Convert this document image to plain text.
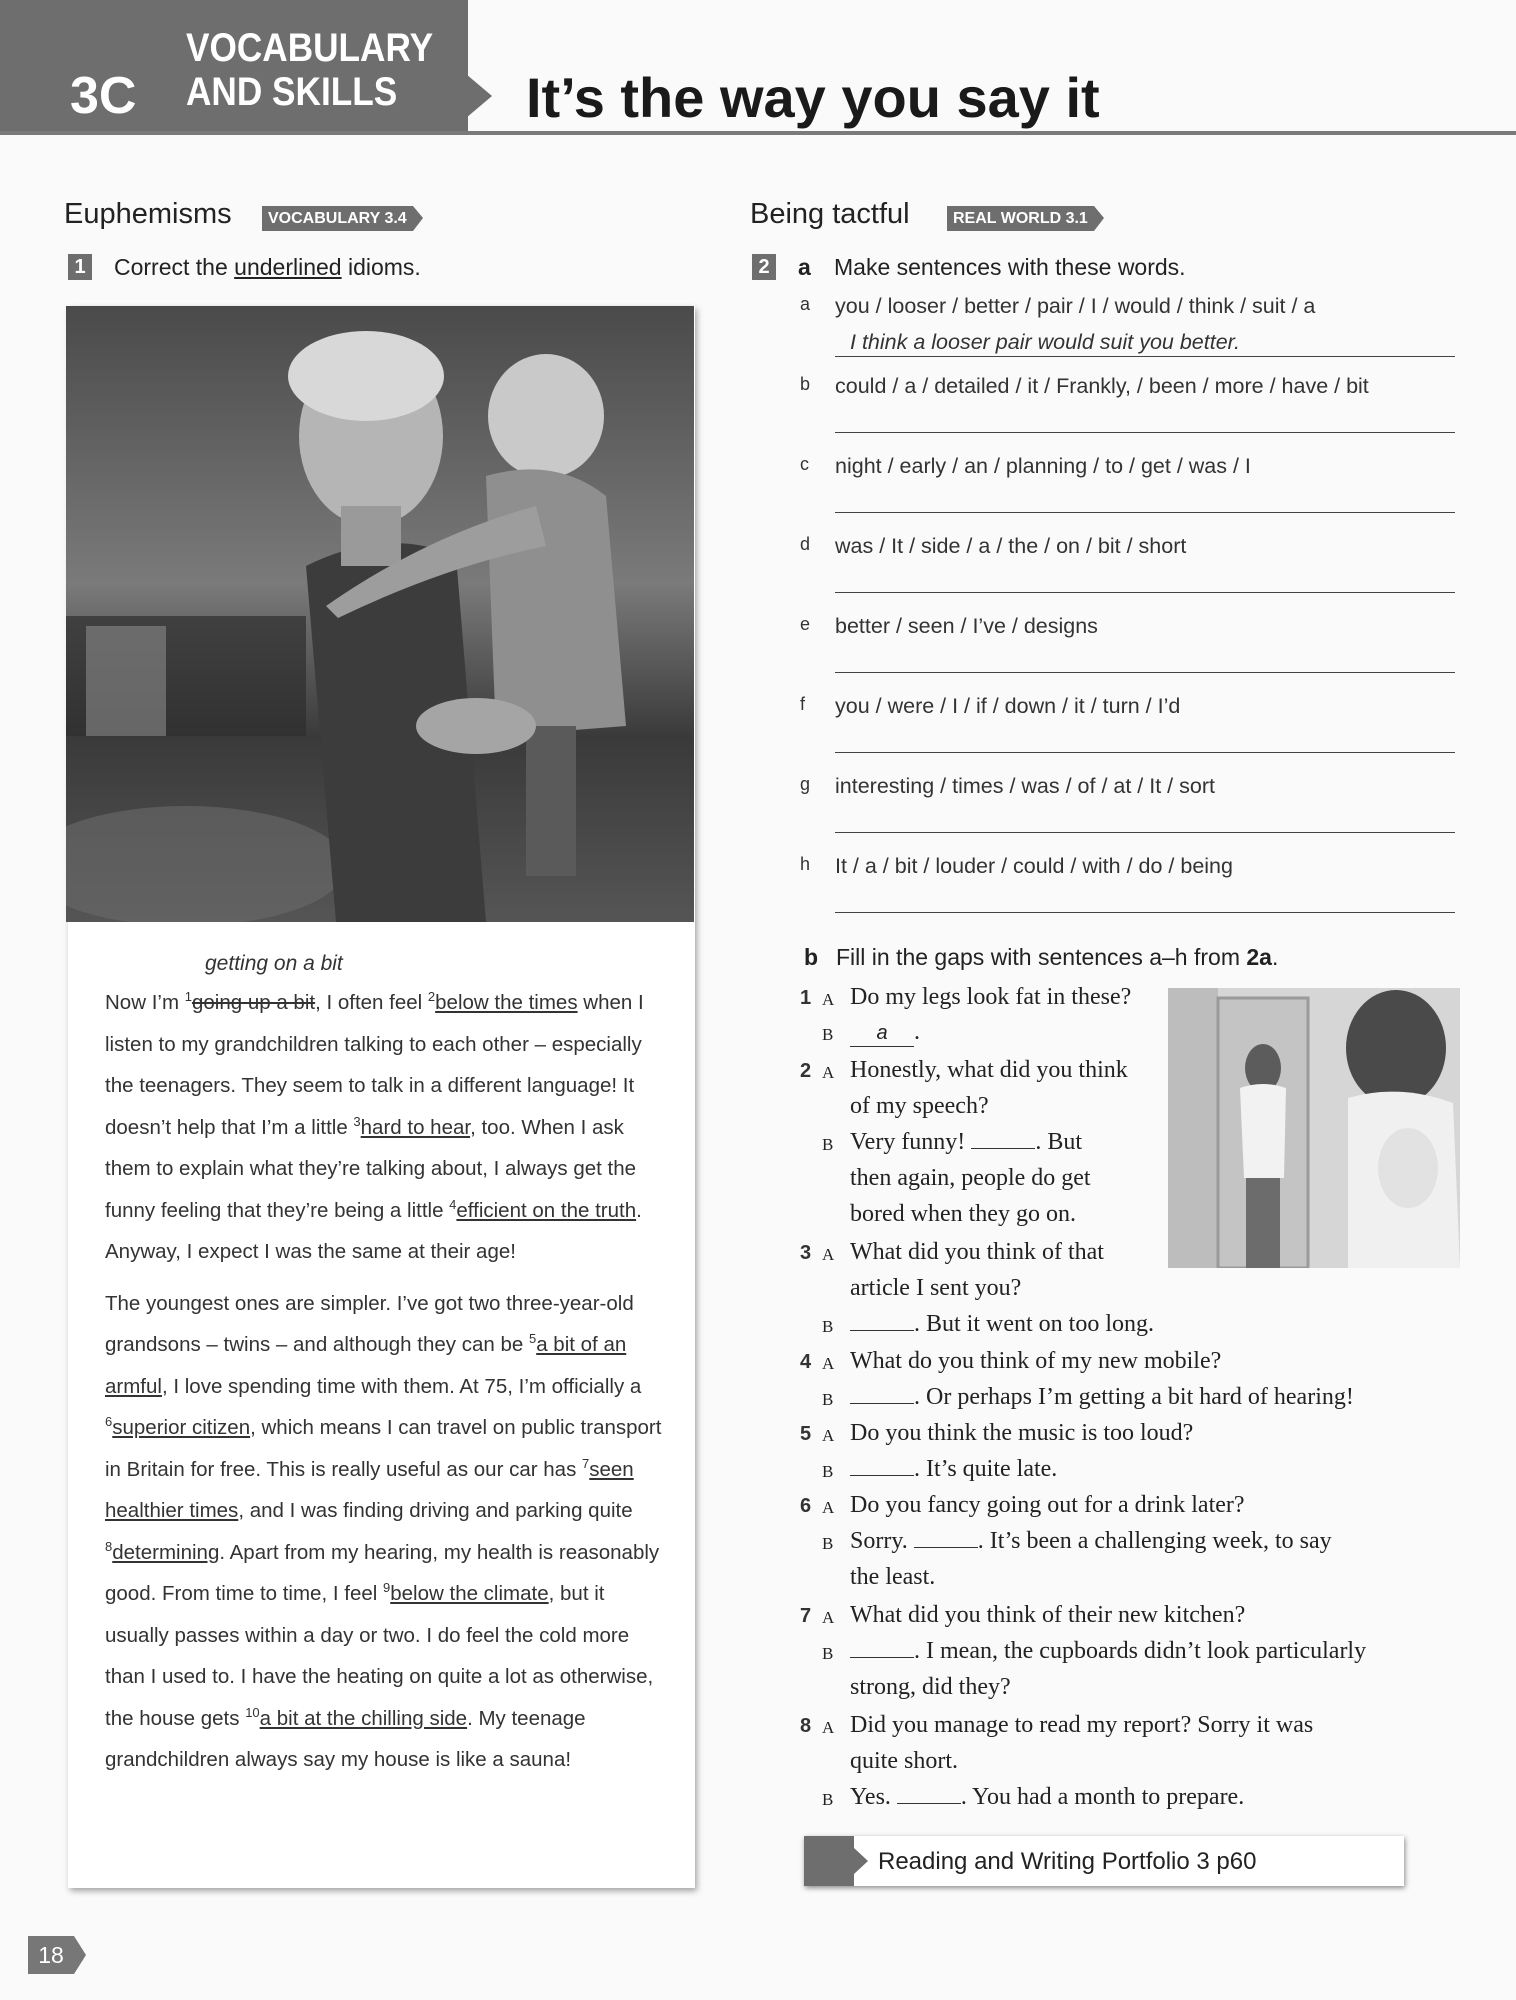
3C
VOCABULARY
AND SKILLS It’s the way you say it
Euphemisms	VOCABULARY 3.4
1 Correct the underlined idioms.
getting on a bit

Now I’m $^1$going up a bit, I often feel $^2$below the times when I listen to my grandchildren talking to each other – especially the teenagers. They seem to talk in a different language! It doesn’t help that I’m a little $^3$hard to hear, too. When I ask them to explain what they’re talking about, I always get the funny feeling that they’re being a little $^4$efficient on the truth. Anyway, I expect I was the same at their age!

The youngest ones are simpler. I’ve got two three-year-old grandsons – twins – and although they can be $^5$a bit of an armful, I love spending time with them. At 75, I’m officially a $^6$superior citizen, which means I can travel on public transport in Britain for free. This is really useful as our car has $^7$seen healthier times, and I was finding driving and parking quite $^8$determining. Apart from my hearing, my health is reasonably good. From time to time, I feel $^9$below the climate, but it usually passes within a day or two. I do feel the cold more than I used to. I have the heating on quite a lot as otherwise, the house gets $^{10}$a bit at the chilling side. My teenage grandchildren always say my house is like a sauna!

Being tactful	REAL WORLD 3.1
2 a Make sentences with these words.
a	you / looser / better / pair / I / would / think / suit / a
I think a looser pair would suit you better.
b	could / a / detailed / it / Frankly, / been / more / have / bit
c	night / early / an / planning / to / get / was / I
d	was / It / side / a / the / on / bit / short
e	better / seen / I’ve / designs
f	you / were / I / if / down / it / turn / I’d
g	interesting / times / was / of / at / It / sort
h	It / a / bit / louder / could / with / do / being
b Fill in the gaps with sentences a–h from 2a.
1 A Do my legs look fat in these?
B	a .
2 A Honestly, what did you think
of my speech?
B Very funny!	. But
then again, people do get
bored when they go on.
3 A What did you think of that
article I sent you?
B	. But it went on too long.
4 A What do you think of my new mobile?
B	. Or perhaps I’m getting a bit hard of hearing!
5 A Do you think the music is too loud?
B	. It’s quite late.
6 A Do you fancy going out for a drink later?
B Sorry.	. It’s been a challenging week, to say
the least.
7 A What did you think of their new kitchen?
B	. I mean, the cupboards didn’t look particularly
strong, did they?
8 A Did you manage to read my report? Sorry it was
quite short.
B Yes.	. You had a month to prepare.
Reading and Writing Portfolio 3 p60
18
